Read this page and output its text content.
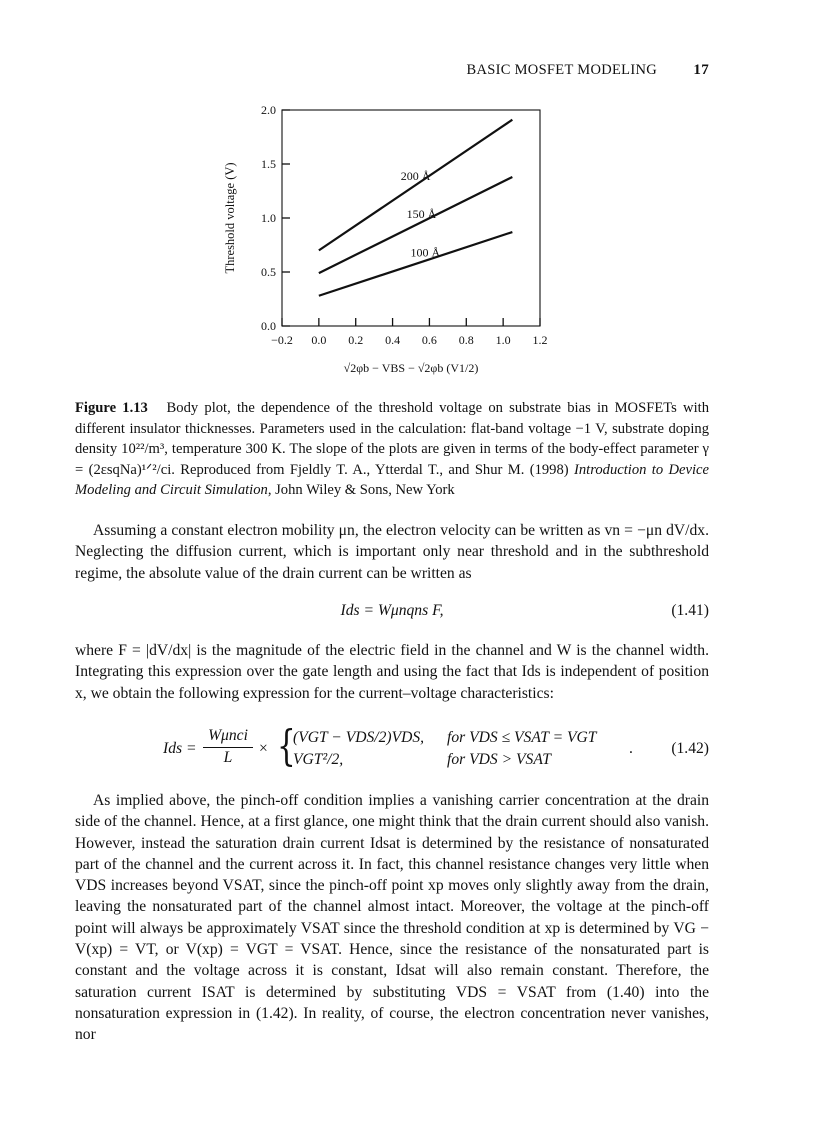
BASIC MOSFET MODELING 17
−0.2 0.0 0.2 0.4 0.6 0.8 1.0 1.2
0.0
0.5
1.0
1.5
2.0
200 Å
150 Å
100 Å
Threshold voltage (V)
√2φb − VBS − √2φb (V1/2)
Figure 1.13 Body plot, the dependence of the threshold voltage on substrate bias in MOSFETs with different insulator thicknesses. Parameters used in the calculation: flat-band voltage −1 V, substrate doping density 10²²/m³, temperature 300 K. The slope of the plots are given in terms of the body-effect parameter γ = (2εsqNa)¹ᐟ²/ci. Reproduced from Fjeldly T. A., Ytterdal T., and Shur M. (1998) Introduction to Device Modeling and Circuit Simulation, John Wiley & Sons, New York
Assuming a constant electron mobility μn, the electron velocity can be written as vn = −μn dV/dx. Neglecting the diffusion current, which is important only near threshold and in the subthreshold regime, the absolute value of the drain current can be written as
Ids = Wμnqns F,	(1.41)
where F = |dV/dx| is the magnitude of the electric field in the channel and W is the channel width. Integrating this expression over the gate length and using the fact that Ids is independent of position x, we obtain the following expression for the current–voltage characteristics:
Ids =
Wμnci
L
× {
(VGT − VDS/2)VDS,
VGT²/2,
for VDS ≤ VSAT = VGT
for VDS > VSAT
. (1.42)
As implied above, the pinch-off condition implies a vanishing carrier concentration at the drain side of the channel. Hence, at a first glance, one might think that the drain current should also vanish. However, instead the saturation drain current Idsat is determined by the resistance of nonsaturated part of the channel and the current across it. In fact, this channel resistance changes very little when VDS increases beyond VSAT, since the pinch-off point xp moves only slightly away from the drain, leaving the nonsaturated part of the channel almost intact. Moreover, the voltage at the pinch-off point will always be approximately VSAT since the threshold condition at xp is determined by VG − V(xp) = VT, or V(xp) = VGT = VSAT. Hence, since the resistance of the nonsaturated part is constant and the voltage across it is constant, Idsat will also remain constant. Therefore, the saturation current ISAT is determined by substituting VDS = VSAT from (1.40) into the nonsaturation expression in (1.42). In reality, of course, the electron concentration never vanishes, nor
